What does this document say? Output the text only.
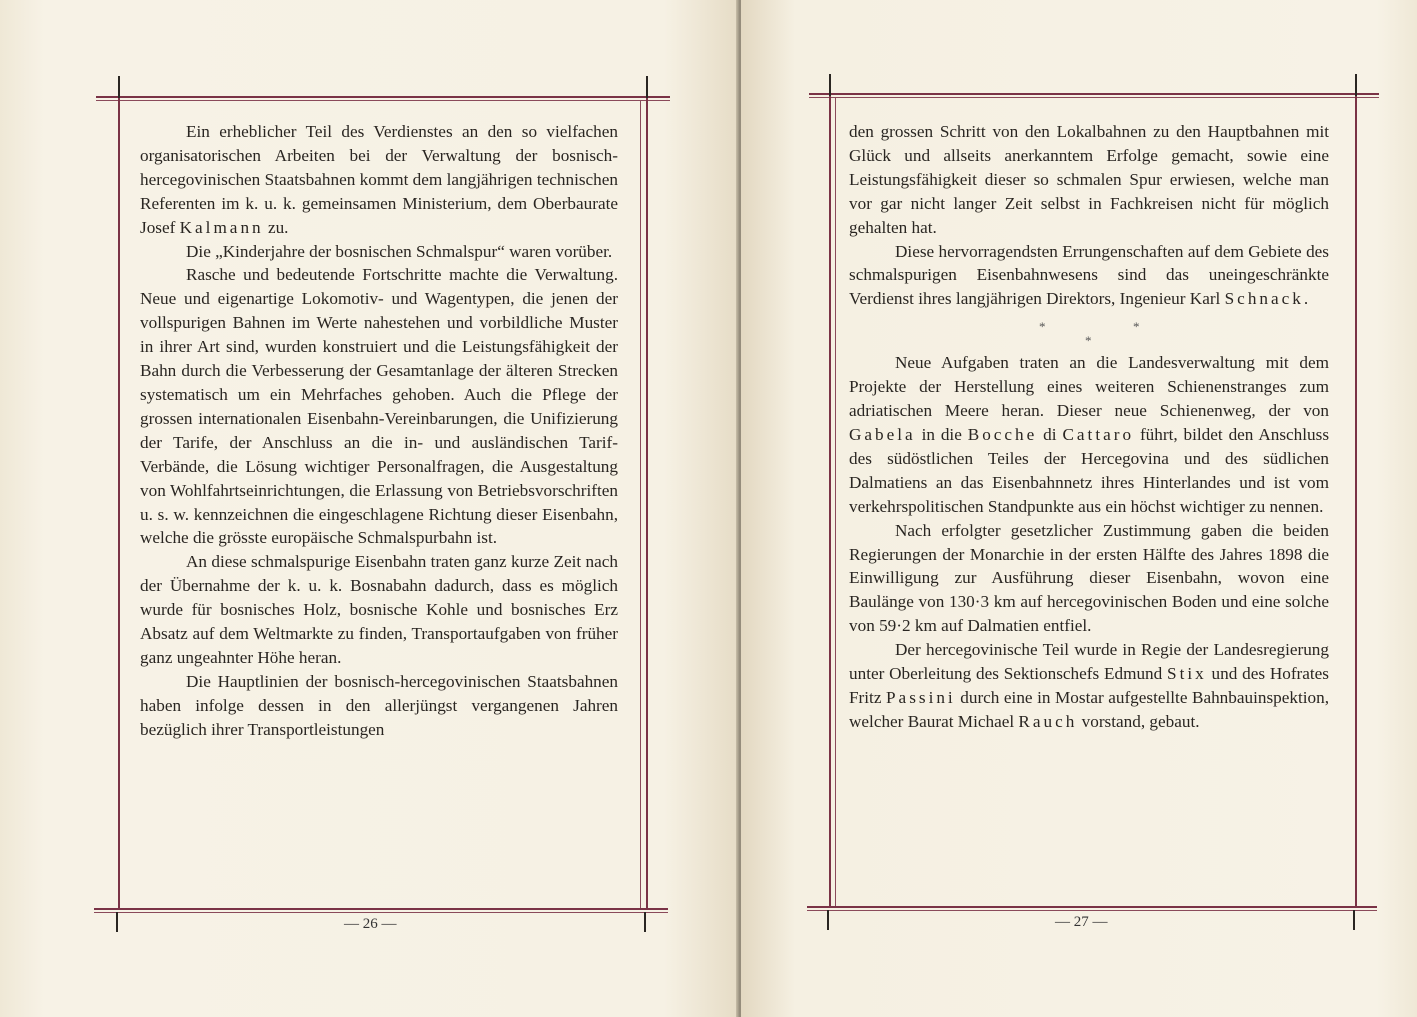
Ein erheblicher Teil des Verdienstes an den so vielfachen organisatorischen Arbeiten bei der Verwaltung der bosnisch-hercegovinischen Staatsbahnen kommt dem langjährigen technischen Referenten im k. u. k. gemeinsamen Ministerium, dem Oberbaurate Josef Kalmann zu.

Die „Kinderjahre der bosnischen Schmalspur“ waren vorüber.

Rasche und bedeutende Fortschritte machte die Verwaltung. Neue und eigenartige Lokomotiv- und Wagentypen, die jenen der vollspurigen Bahnen im Werte nahestehen und vorbildliche Muster in ihrer Art sind, wurden konstruiert und die Leistungsfähigkeit der Bahn durch die Verbesserung der Gesamtanlage der älteren Strecken systematisch um ein Mehrfaches gehoben. Auch die Pflege der grossen internationalen Eisenbahn-Vereinbarungen, die Unifizierung der Tarife, der Anschluss an die in- und ausländischen Tarif-Verbände, die Lösung wichtiger Personalfragen, die Ausgestaltung von Wohlfahrtseinrichtungen, die Erlassung von Betriebsvorschriften u. s. w. kennzeichnen die eingeschlagene Richtung dieser Eisenbahn, welche die grösste europäische Schmalspurbahn ist.

An diese schmalspurige Eisenbahn traten ganz kurze Zeit nach der Übernahme der k. u. k. Bosnabahn dadurch, dass es möglich wurde für bosnisches Holz, bosnische Kohle und bosnisches Erz Absatz auf dem Weltmarkte zu finden, Transportaufgaben von früher ganz ungeahnter Höhe heran.

Die Hauptlinien der bosnisch-hercegovinischen Staatsbahnen haben infolge dessen in den allerjüngst vergangenen Jahren bezüglich ihrer Transportleistungen

— 26 —

den grossen Schritt von den Lokalbahnen zu den Hauptbahnen mit Glück und allseits anerkanntem Erfolge gemacht, sowie eine Leistungsfähigkeit dieser so schmalen Spur erwiesen, welche man vor gar nicht langer Zeit selbst in Fachkreisen nicht für möglich gehalten hat.

Diese hervorragendsten Errungenschaften auf dem Gebiete des schmalspurigen Eisenbahnwesens sind das uneingeschränkte Verdienst ihres langjährigen Direktors, Ingenieur Karl Schnack.

*	*
*

Neue Aufgaben traten an die Landesverwaltung mit dem Projekte der Herstellung eines weiteren Schienenstranges zum adriatischen Meere heran. Dieser neue Schienenweg, der von Gabela in die Bocche di Cattaro führt, bildet den Anschluss des südöstlichen Teiles der Hercegovina und des südlichen Dalmatiens an das Eisenbahnnetz ihres Hinterlandes und ist vom verkehrspolitischen Standpunkte aus ein höchst wichtiger zu nennen.

Nach erfolgter gesetzlicher Zustimmung gaben die beiden Regierungen der Monarchie in der ersten Hälfte des Jahres 1898 die Einwilligung zur Ausführung dieser Eisenbahn, wovon eine Baulänge von 130·3 km auf hercegovinischen Boden und eine solche von 59·2 km auf Dalmatien entfiel.

Der hercegovinische Teil wurde in Regie der Landesregierung unter Oberleitung des Sektionschefs Edmund Stix und des Hofrates Fritz Passini durch eine in Mostar aufgestellte Bahnbauinspektion, welcher Baurat Michael Rauch vorstand, gebaut.

— 27 —
